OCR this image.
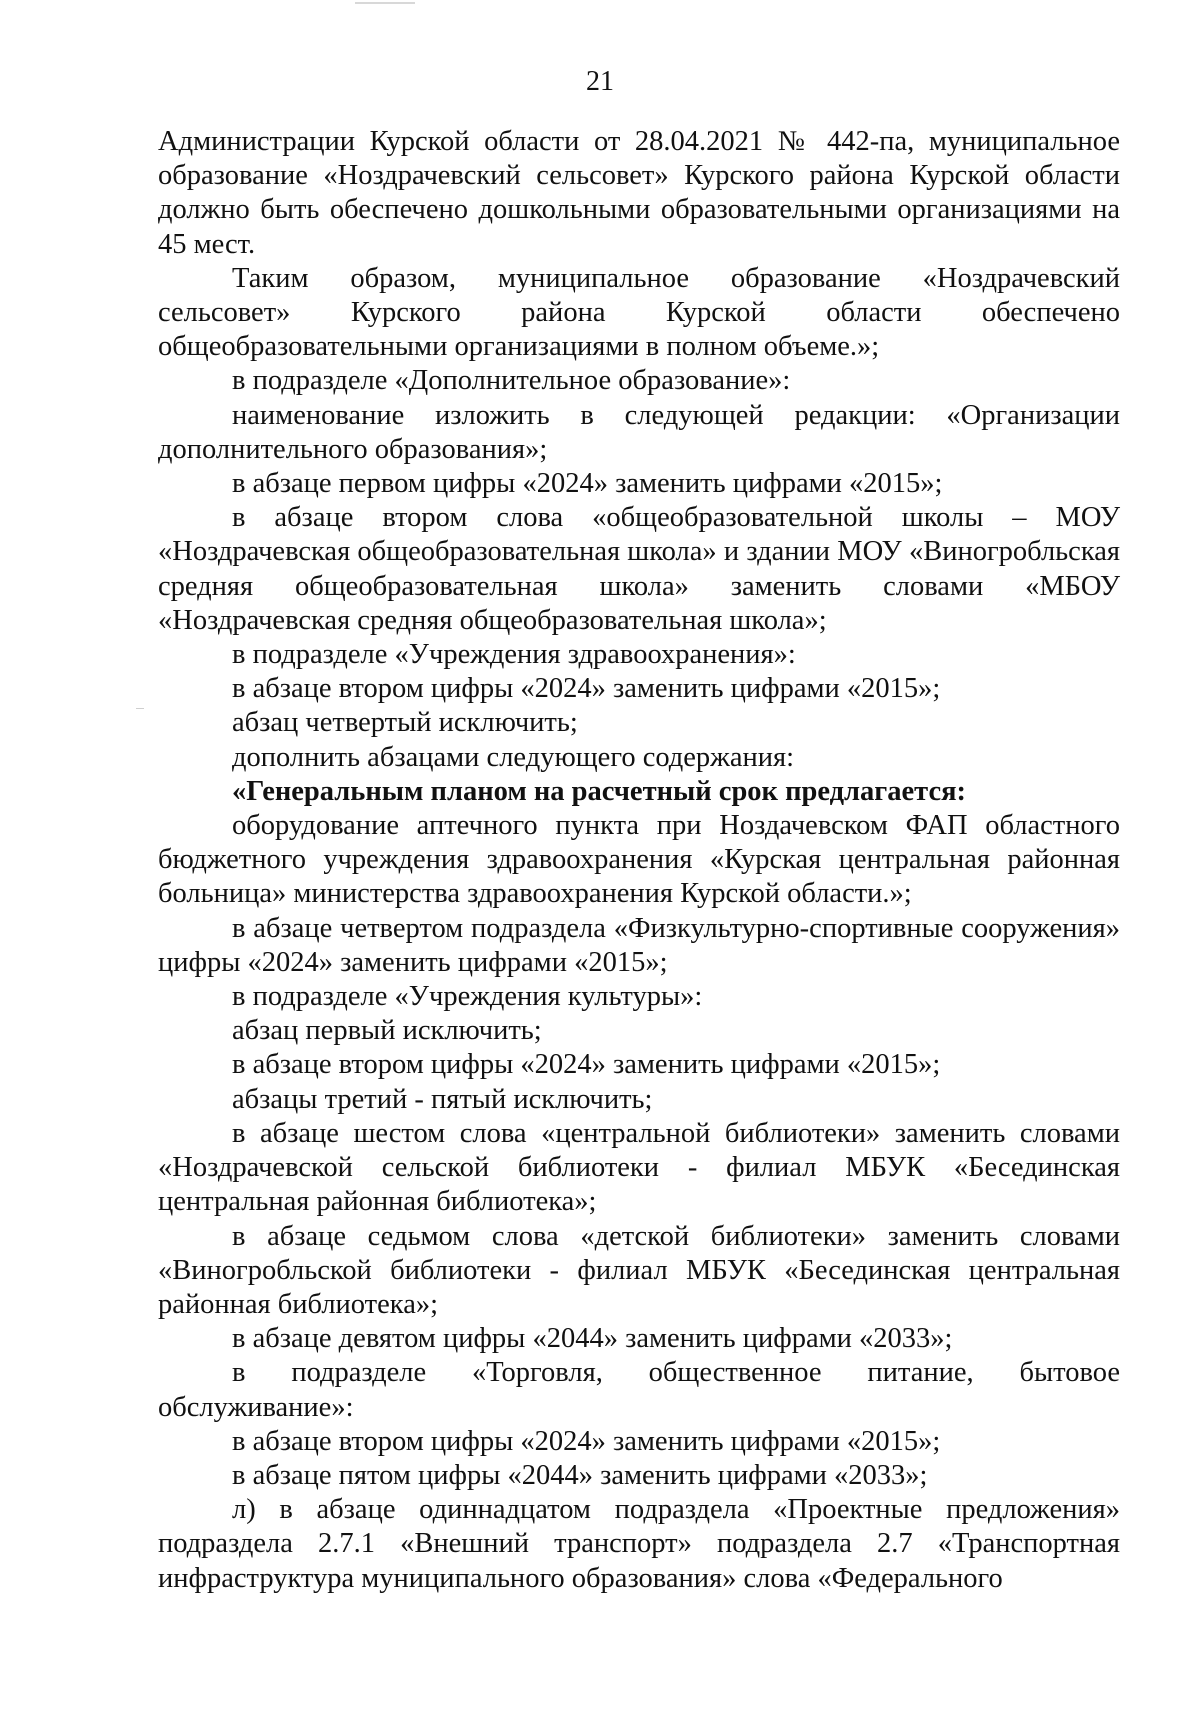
21

Администрации Курской области от 28.04.2021 № 442-па, муниципальное образование «Ноздрачевский сельсовет» Курского района Курской области должно быть обеспечено дошкольными образовательными организациями на 45 мест.

Таким образом, муниципальное образование «Ноздрачевский сельсовет» Курского района Курской области обеспечено общеобразовательными организациями в полном объеме.»;

в подразделе «Дополнительное образование»:

наименование изложить в следующей редакции: «Организации дополнительного образования»;

в абзаце первом цифры «2024» заменить цифрами «2015»;

в абзаце втором слова «общеобразовательной школы – МОУ «Ноздрачевская общеобразовательная школа» и здании МОУ «Виногробльская средняя общеобразовательная школа» заменить словами «МБОУ «Ноздрачевская средняя общеобразовательная школа»;

в подразделе «Учреждения здравоохранения»:

в абзаце втором цифры «2024» заменить цифрами «2015»;

абзац четвертый исключить;

дополнить абзацами следующего содержания:

«Генеральным планом на расчетный срок предлагается:

оборудование аптечного пункта при Ноздачевском ФАП областного бюджетного учреждения здравоохранения «Курская центральная районная больница» министерства здравоохранения Курской области.»;

в абзаце четвертом подраздела «Физкультурно-спортивные сооружения» цифры «2024» заменить цифрами «2015»;

в подразделе «Учреждения культуры»:

абзац первый исключить;

в абзаце втором цифры «2024» заменить цифрами «2015»;

абзацы третий - пятый исключить;

в абзаце шестом слова «центральной библиотеки» заменить словами «Ноздрачевской сельской библиотеки - филиал МБУК «Бесединская центральная районная библиотека»;

в абзаце седьмом слова «детской библиотеки» заменить словами «Виногробльской библиотеки - филиал МБУК «Бесединская центральная районная библиотека»;

в абзаце девятом цифры «2044» заменить цифрами «2033»;

в подразделе «Торговля, общественное питание, бытовое обслуживание»:

в абзаце втором цифры «2024» заменить цифрами «2015»;

в абзаце пятом цифры «2044» заменить цифрами «2033»;

л) в абзаце одиннадцатом подраздела «Проектные предложения» подраздела 2.7.1 «Внешний транспорт» подраздела 2.7 «Транспортная инфраструктура муниципального образования» слова «Федерального
